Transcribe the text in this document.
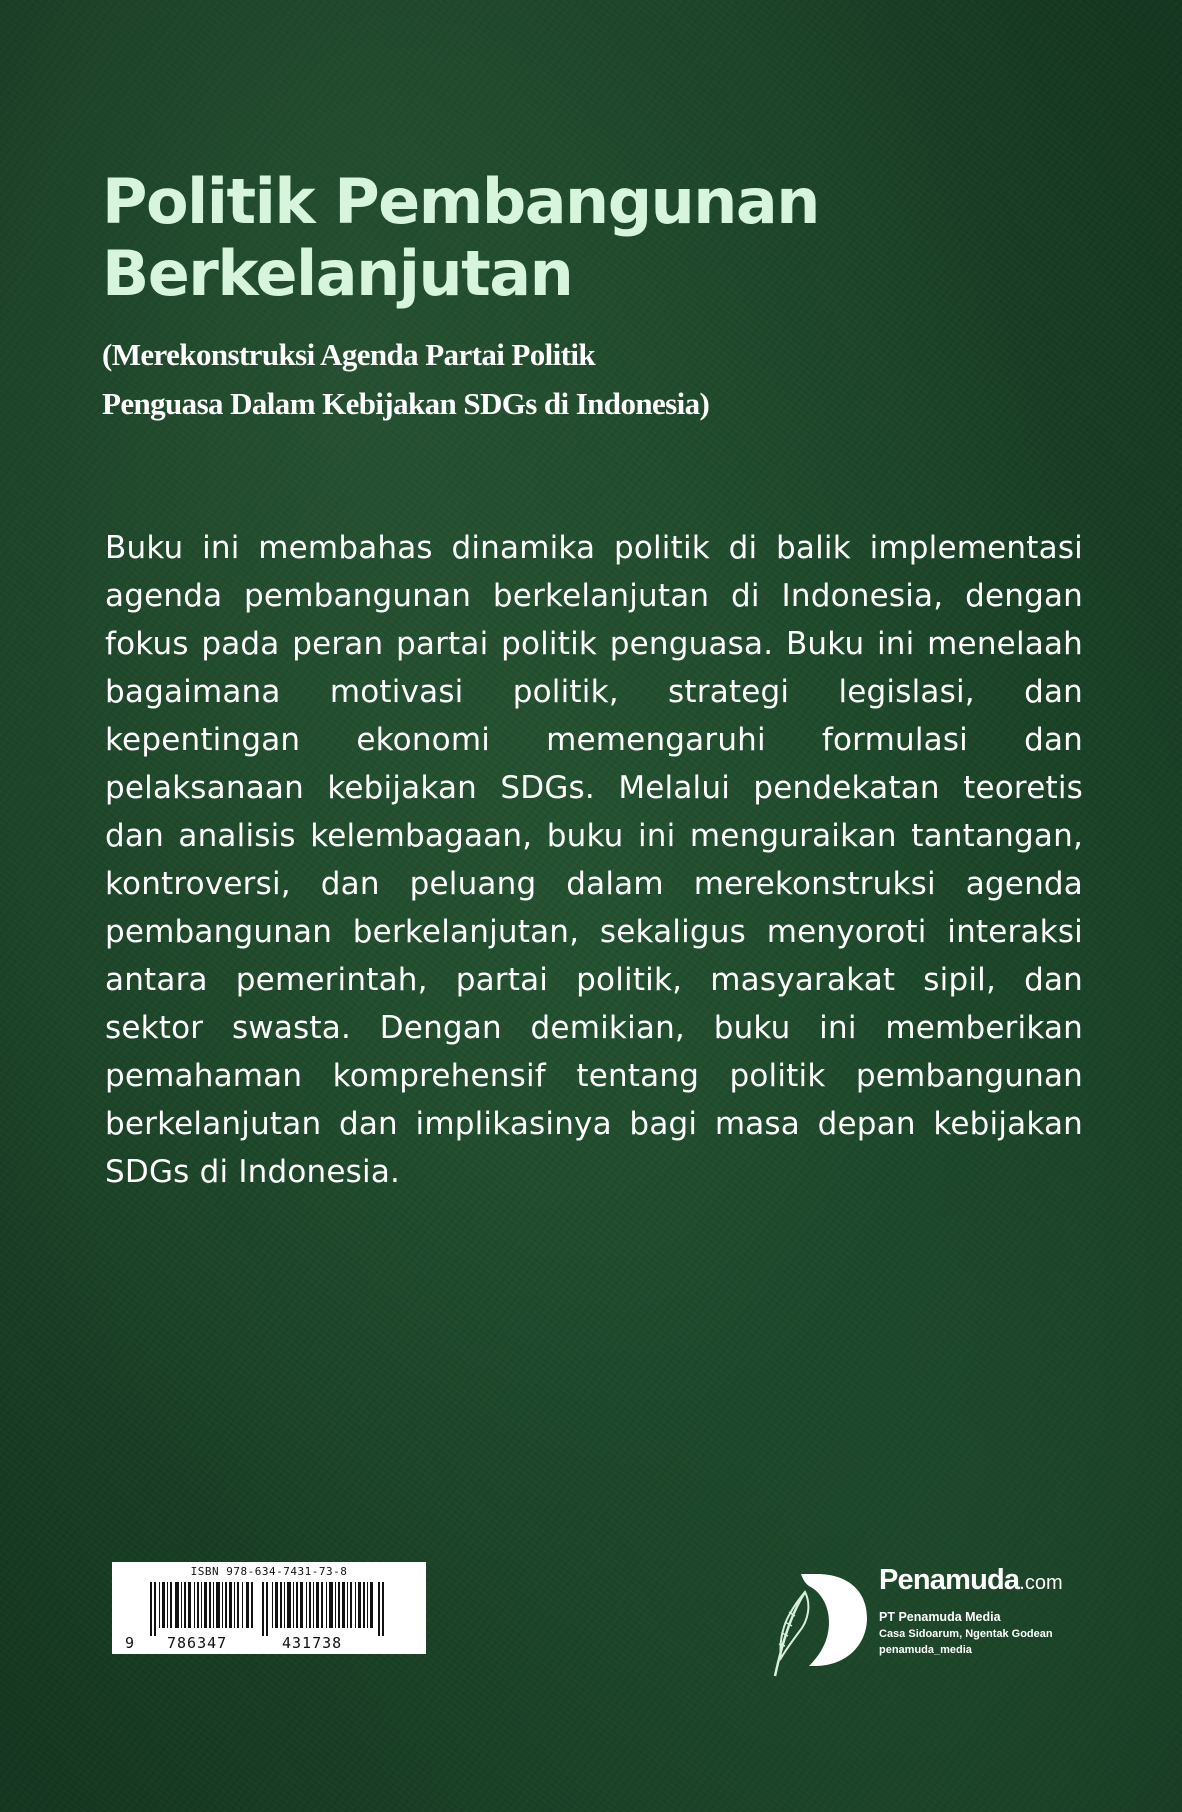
Politik Pembangunan
Berkelanjutan

(Merekonstruksi Agenda Partai Politik
Penguasa Dalam Kebijakan SDGs di Indonesia)

Buku ini membahas dinamika politik di balik implementasi agenda pembangunan berkelanjutan di Indonesia, dengan fokus pada peran partai politik penguasa. Buku ini menelaah bagaimana motivasi politik, strategi legislasi, dan kepentingan ekonomi memengaruhi formulasi dan pelaksanaan kebijakan SDGs. Melalui pendekatan teoretis dan analisis kelembagaan, buku ini menguraikan tantangan, kontroversi, dan peluang dalam merekonstruksi agenda pembangunan berkelanjutan, sekaligus menyoroti interaksi antara pemerintah, partai politik, masyarakat sipil, dan sektor swasta. Dengan demikian, buku ini memberikan pemahaman komprehensif tentang politik pembangunan berkelanjutan dan implikasinya bagi masa depan kebijakan SDGs di Indonesia.

ISBN 978-634-7431-73-8
9 786347	431738
Penamuda.com
PT Penamuda Media
Casa Sidoarum, Ngentak Godean
penamuda_media
